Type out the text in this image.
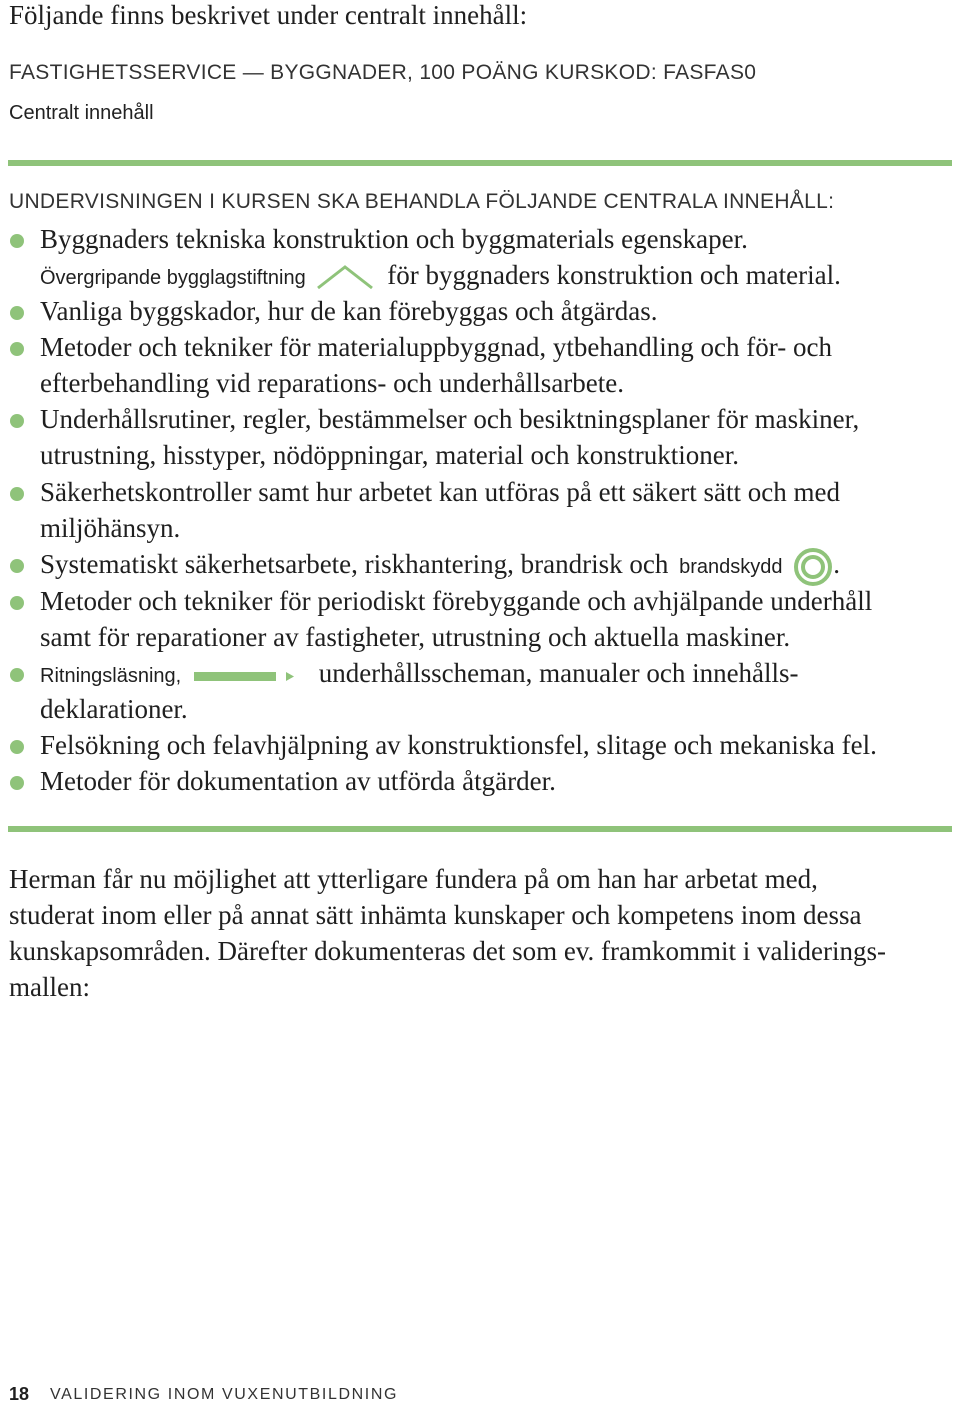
Följande finns beskrivet under centralt innehåll:
FASTIGHETSSERVICE — BYGGNADER, 100 POÄNG KURSKOD: FASFAS0
Centralt innehåll
UNDERVISNINGEN I KURSEN SKA BEHANDLA FÖLJANDE CENTRALA INNEHÅLL:
Byggnaders tekniska konstruktion och byggmaterials egenskaper.
Övergripande bygglagstiftning	för byggnaders konstruktion och material.
Vanliga byggskador, hur de kan förebyggas och åtgärdas.
Metoder och tekniker för materialuppbyggnad, ytbehandling och för- och
efterbehandling vid reparations- och underhållsarbete.
Underhållsrutiner, regler, bestämmelser och besiktningsplaner för maskiner,
utrustning, hisstyper, nödöppningar, material och konstruktioner.
Säkerhetskontroller samt hur arbetet kan utföras på ett säkert sätt och med
miljöhänsyn.
Systematiskt säkerhetsarbete, riskhantering, brandrisk och brandskydd .
Metoder och tekniker för periodiskt förebyggande och avhjälpande underhåll
samt för reparationer av fastigheter, utrustning och aktuella maskiner.
Ritningsläsning,	underhållsscheman, manualer och innehålls-
deklarationer.
Felsökning och felavhjälpning av konstruktionsfel, slitage och mekaniska fel.
Metoder för dokumentation av utförda åtgärder.

Herman får nu möjlighet att ytterligare fundera på om han har arbetat med,

studerat inom eller på annat sätt inhämta kunskaper och kompetens inom dessa

kunskapsområden. Därefter dokumenteras det som ev. framkommit i validerings-

mallen:

18 VALIDERING INOM VUXENUTBILDNING
